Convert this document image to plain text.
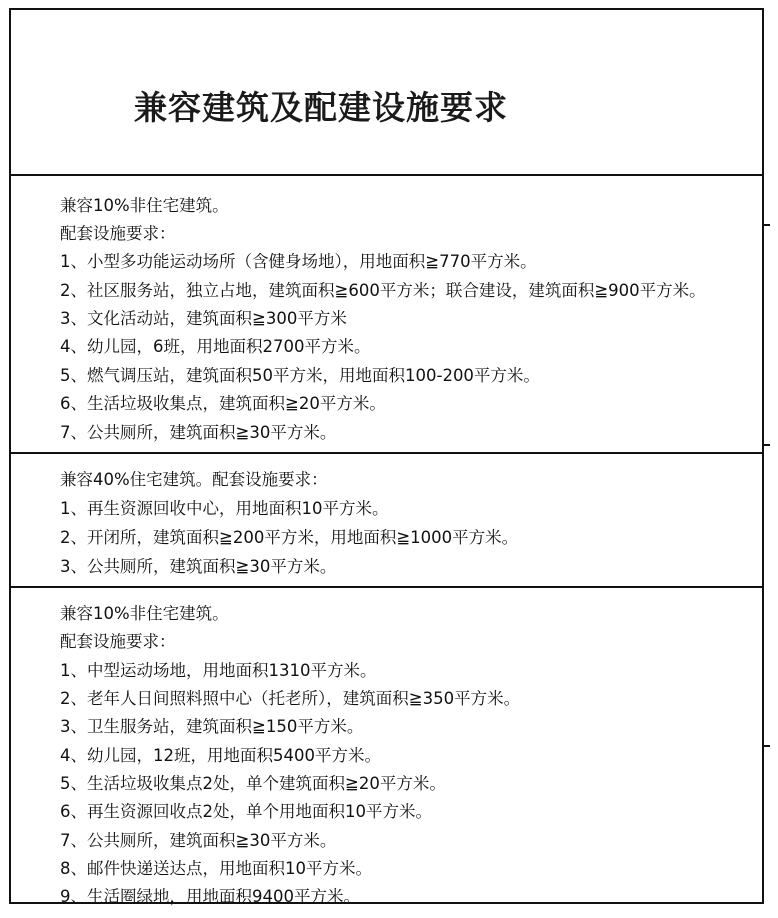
兼容建筑及配建设施要求

兼容10%非住宅建筑。

配套设施要求：

1、小型多功能运动场所（含健身场地），用地面积≧770平方米。

2、社区服务站，独立占地，建筑面积≧600平方米；联合建设，建筑面积≧900平方米。

3、文化活动站，建筑面积≧300平方米

4、幼儿园，6班，用地面积2700平方米。

5、燃气调压站，建筑面积50平方米，用地面积100-200平方米。

6、生活垃圾收集点，建筑面积≧20平方米。

7、公共厕所，建筑面积≧30平方米。

兼容40%住宅建筑。配套设施要求：

1、再生资源回收中心，用地面积10平方米。

2、开闭所，建筑面积≧200平方米，用地面积≧1000平方米。

3、公共厕所，建筑面积≧30平方米。

兼容10%非住宅建筑。

配套设施要求：

1、中型运动场地，用地面积1310平方米。

2、老年人日间照料照中心（托老所），建筑面积≧350平方米。

3、卫生服务站，建筑面积≧150平方米。

4、幼儿园，12班，用地面积5400平方米。

5、生活垃圾收集点2处，单个建筑面积≧20平方米。

6、再生资源回收点2处，单个用地面积10平方米。

7、公共厕所，建筑面积≧30平方米。

8、邮件快递送达点，用地面积10平方米。

9、生活圈绿地，用地面积9400平方米。
